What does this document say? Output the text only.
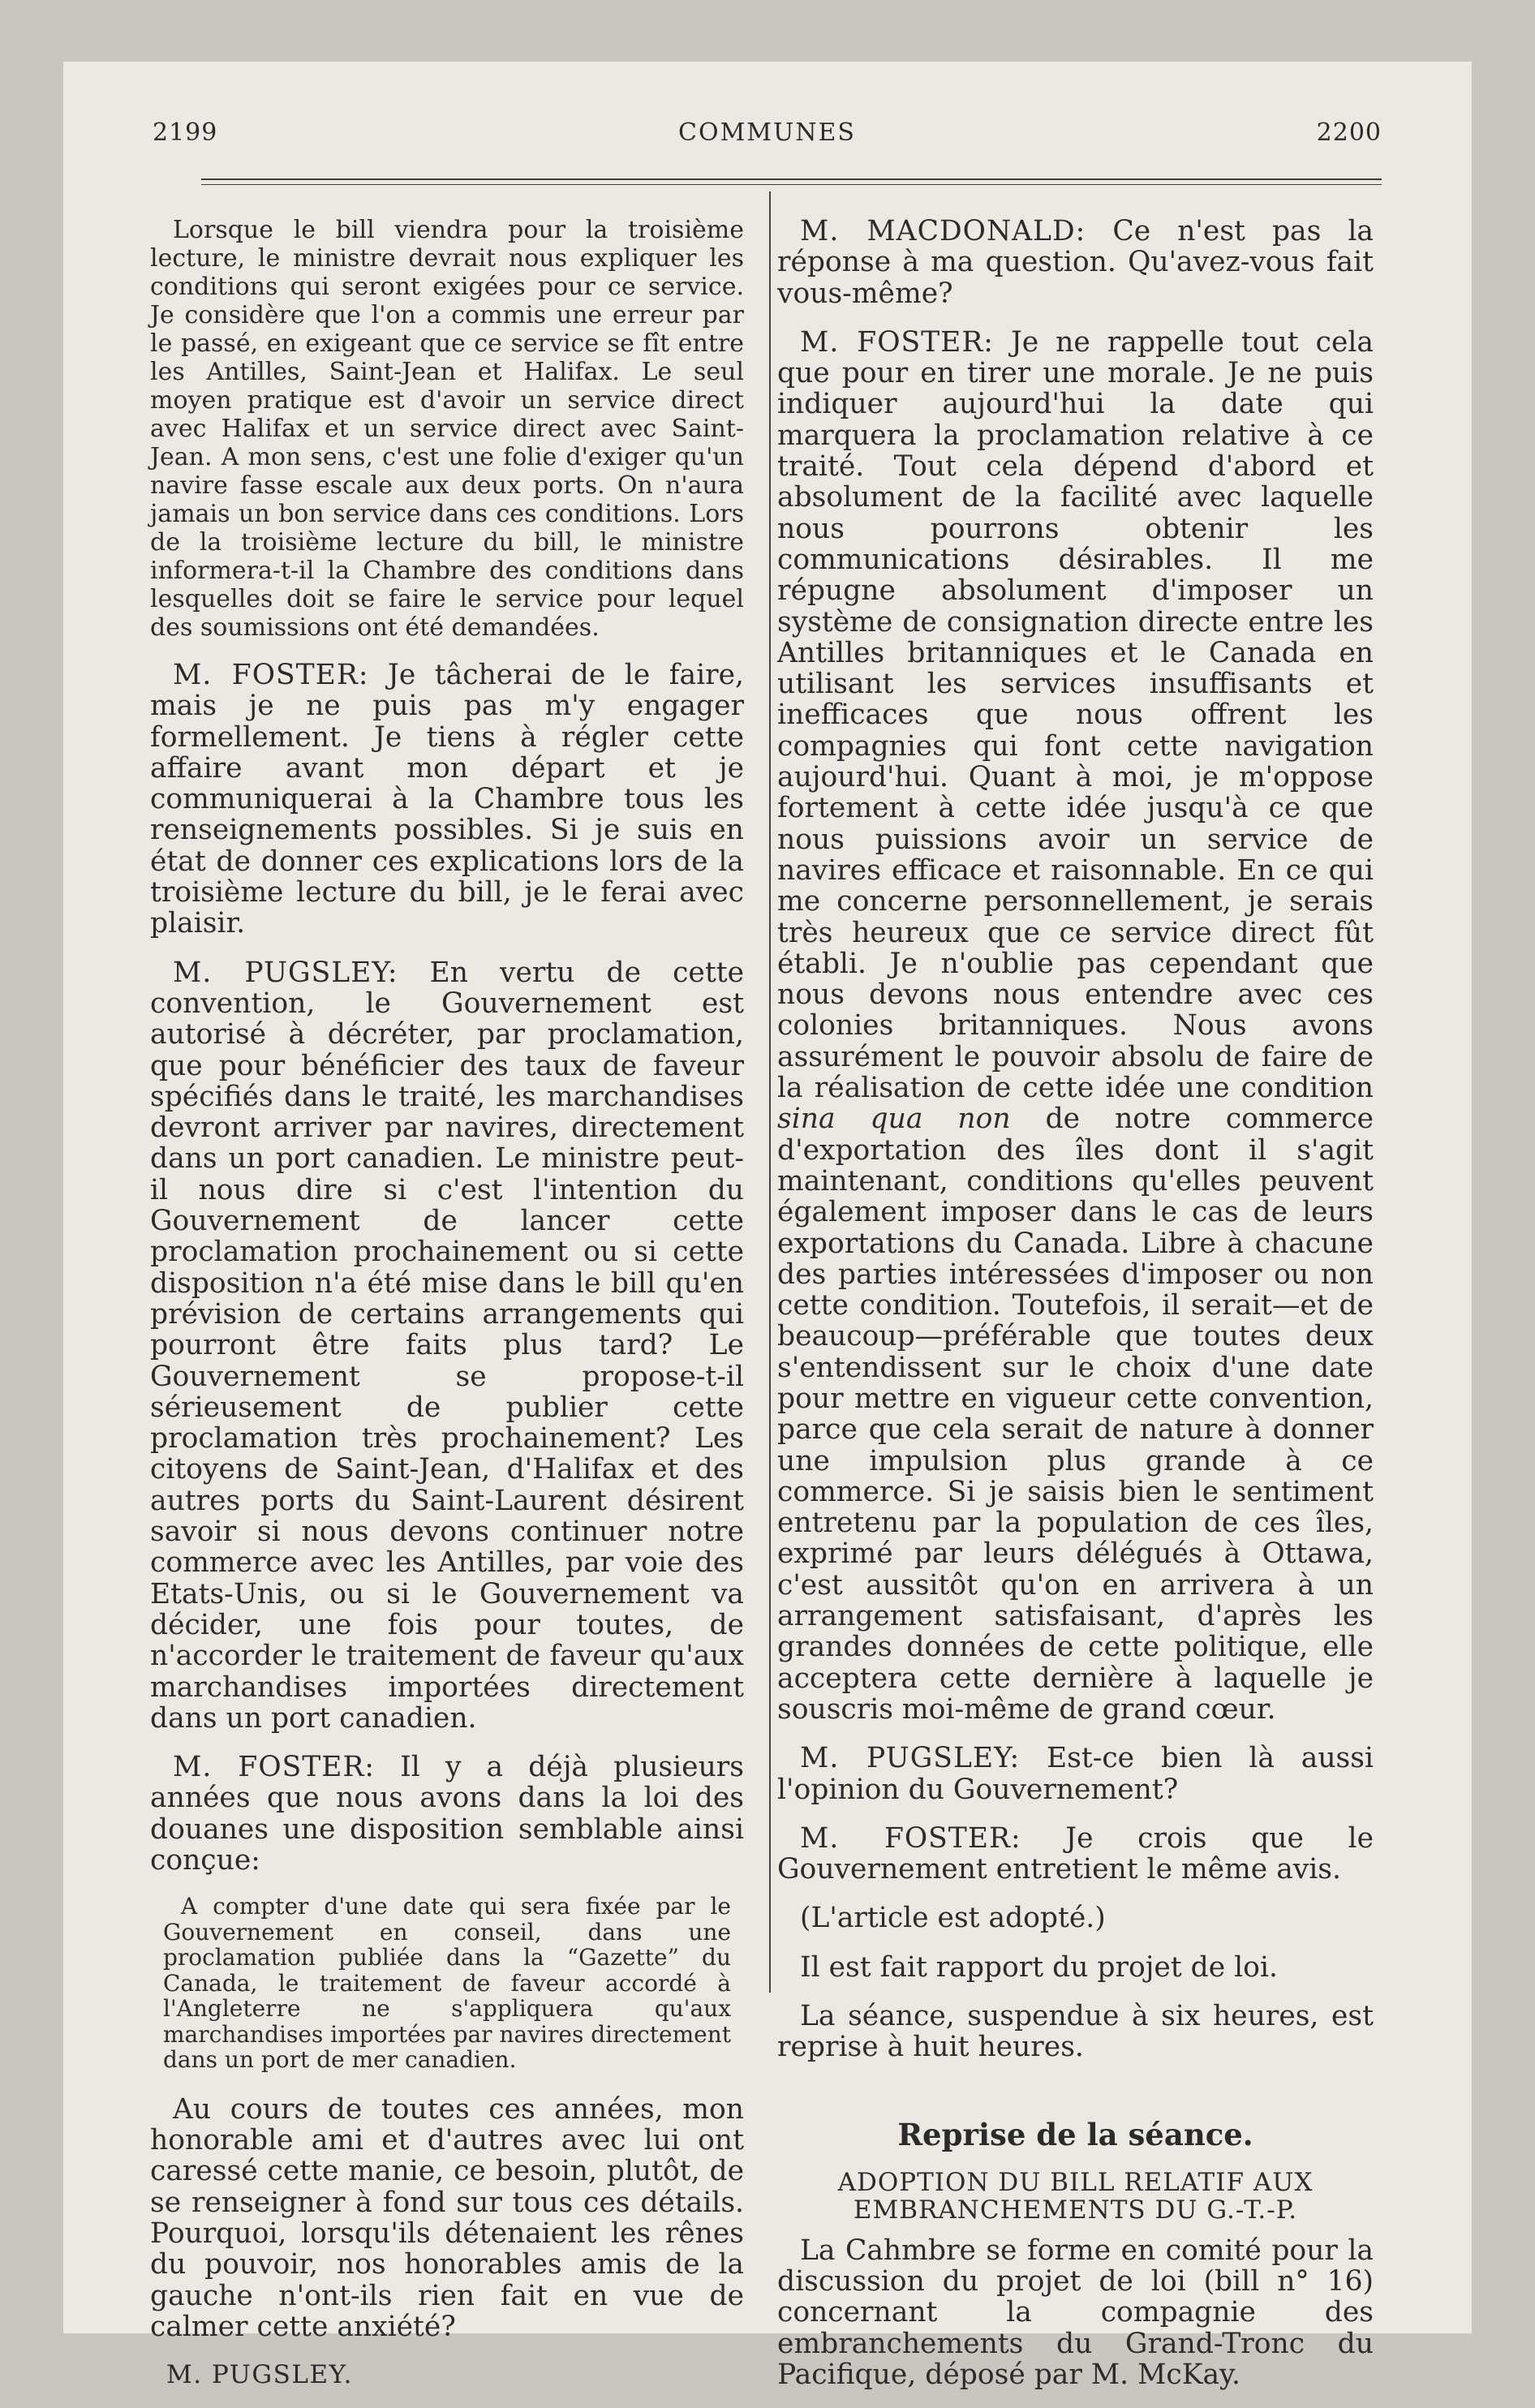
2199	COMMUNES	2200

Lorsque le bill viendra pour la troisième lecture, le ministre devrait nous expliquer les conditions qui seront exigées pour ce service. Je considère que l'on a commis une erreur par le passé, en exigeant que ce service se fît entre les Antilles, Saint-Jean et Halifax. Le seul moyen pratique est d'avoir un service direct avec Halifax et un service direct avec Saint-Jean. A mon sens, c'est une folie d'exiger qu'un navire fasse escale aux deux ports. On n'aura jamais un bon service dans ces conditions. Lors de la troisième lecture du bill, le ministre informera-t-il la Chambre des conditions dans lesquelles doit se faire le service pour lequel des soumissions ont été demandées.

M. FOSTER: Je tâcherai de le faire, mais je ne puis pas m'y engager formellement. Je tiens à régler cette affaire avant mon départ et je communiquerai à la Chambre tous les renseignements possibles. Si je suis en état de donner ces explications lors de la troisième lecture du bill, je le ferai avec plaisir.

M. PUGSLEY: En vertu de cette convention, le Gouvernement est autorisé à décréter, par proclamation, que pour bénéficier des taux de faveur spécifiés dans le traité, les marchandises devront arriver par navires, directement dans un port canadien. Le ministre peut-il nous dire si c'est l'intention du Gouvernement de lancer cette proclamation prochainement ou si cette disposition n'a été mise dans le bill qu'en prévision de certains arrangements qui pourront être faits plus tard? Le Gouvernement se propose-t-il sérieusement de publier cette proclamation très prochainement? Les citoyens de Saint-Jean, d'Halifax et des autres ports du Saint-Laurent désirent savoir si nous devons continuer notre commerce avec les Antilles, par voie des Etats-Unis, ou si le Gouvernement va décider, une fois pour toutes, de n'accorder le traitement de faveur qu'aux marchandises importées directement dans un port canadien.

M. FOSTER: Il y a déjà plusieurs années que nous avons dans la loi des douanes une disposition semblable ainsi conçue:

A compter d'une date qui sera fixée par le Gouvernement en conseil, dans une proclamation publiée dans la “Gazette” du Canada, le traitement de faveur accordé à l'Angleterre ne s'appliquera qu'aux marchandises importées par navires directement dans un port de mer canadien.

Au cours de toutes ces années, mon honorable ami et d'autres avec lui ont caressé cette manie, ce besoin, plutôt, de se renseigner à fond sur tous ces détails. Pourquoi, lorsqu'ils détenaient les rênes du pouvoir, nos honorables amis de la gauche n'ont-ils rien fait en vue de calmer cette anxiété?

M. PUGSLEY.

M. MACDONALD: Ce n'est pas la réponse à ma question. Qu'avez-vous fait vous-même?

M. FOSTER: Je ne rappelle tout cela que pour en tirer une morale. Je ne puis indiquer aujourd'hui la date qui marquera la proclamation relative à ce traité. Tout cela dépend d'abord et absolument de la facilité avec laquelle nous pourrons obtenir les communications désirables. Il me répugne absolument d'imposer un système de consignation directe entre les Antilles britanniques et le Canada en utilisant les services insuffisants et inefficaces que nous offrent les compagnies qui font cette navigation aujourd'hui. Quant à moi, je m'oppose fortement à cette idée jusqu'à ce que nous puissions avoir un service de navires efficace et raisonnable. En ce qui me concerne personnellement, je serais très heureux que ce service direct fût établi. Je n'oublie pas cependant que nous devons nous entendre avec ces colonies britanniques. Nous avons assurément le pouvoir absolu de faire de la réalisation de cette idée une condition sina qua non de notre commerce d'exportation des îles dont il s'agit maintenant, conditions qu'elles peuvent également imposer dans le cas de leurs exportations du Canada. Libre à chacune des parties intéressées d'imposer ou non cette condition. Toutefois, il serait—et de beaucoup—préférable que toutes deux s'entendissent sur le choix d'une date pour mettre en vigueur cette convention, parce que cela serait de nature à donner une impulsion plus grande à ce commerce. Si je saisis bien le sentiment entretenu par la population de ces îles, exprimé par leurs délégués à Ottawa, c'est aussitôt qu'on en arrivera à un arrangement satisfaisant, d'après les grandes données de cette politique, elle acceptera cette dernière à laquelle je souscris moi-même de grand cœur.

M. PUGSLEY: Est-ce bien là aussi l'opinion du Gouvernement?

M. FOSTER: Je crois que le Gouvernement entretient le même avis.

(L'article est adopté.)

Il est fait rapport du projet de loi.

La séance, suspendue à six heures, est reprise à huit heures.

Reprise de la séance.
ADOPTION DU BILL RELATIF AUX EMBRANCHEMENTS DU G.-T.-P.

La Cahmbre se forme en comité pour la discussion du projet de loi (bill n° 16) concernant la compagnie des embranchements du Grand-Tronc du Pacifique, déposé par M. McKay.
